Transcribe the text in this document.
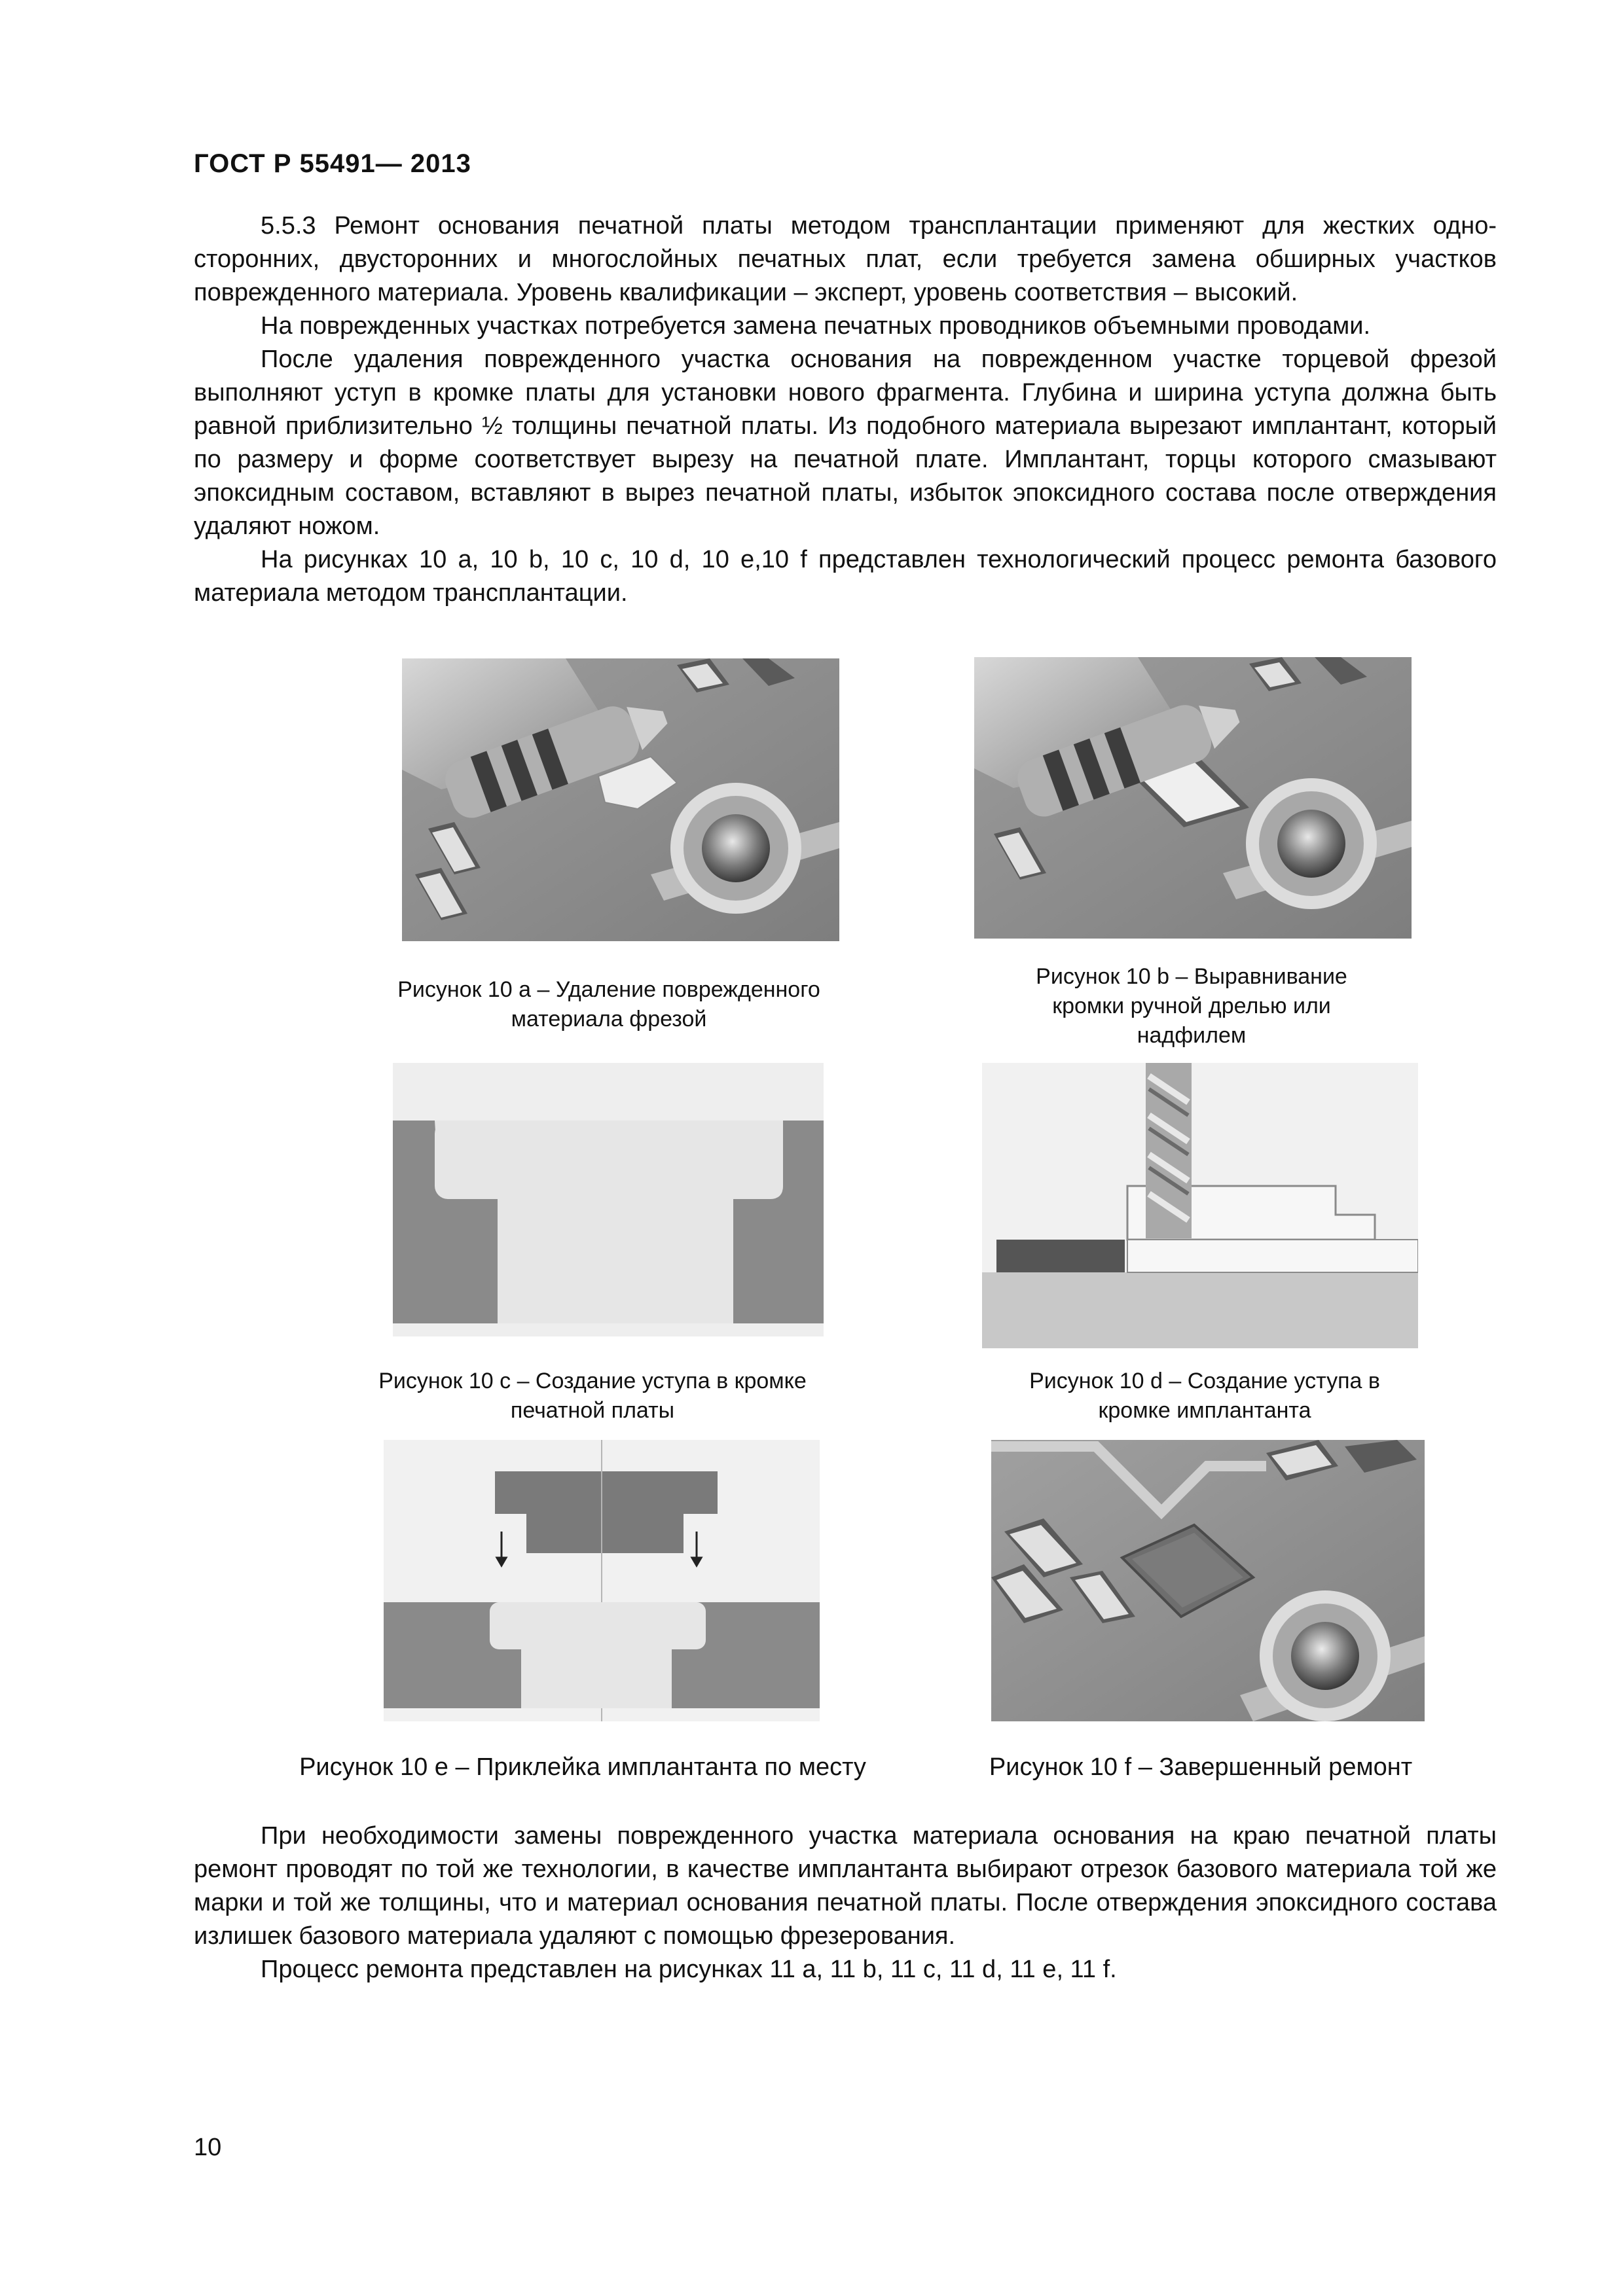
ГОСТ Р 55491— 2013

5.5.3 Ремонт основания печатной платы методом трансплантации применяют для жестких односторонних, двусторонних и многослойных печатных плат, если требуется замена обширных участков поврежденного материала. Уровень квалификации – эксперт, уровень соответствия – высокий.

На поврежденных участках потребуется замена печатных проводников объемными проводами.

После удаления поврежденного участка основания на поврежденном участке торцевой фрезой выполняют уступ в кромке платы для установки нового фрагмента. Глубина и ширина уступа должна быть равной приблизительно ½ толщины печатной платы. Из подобного материала вырезают имплантант, который по размеру и форме соответствует вырезу на печатной плате. Имплантант, торцы которого смазывают эпоксидным составом, вставляют в вырез печатной платы, избыток эпоксидного состава после отверждения удаляют ножом.

На рисунках 10 a, 10 b, 10 c, 10 d, 10 e,10 f представлен технологический процесс ремонта базового материала методом трансплантации.

Рисунок 10 а – Удаление поврежденного материала фрезой
Рисунок 10 b – Выравнивание кромки ручной дрелью или надфилем
Рисунок 10 c – Создание уступа в кромке печатной платы
Рисунок 10 d – Создание уступа в кромке имплантанта
Рисунок 10 e – Приклейка имплантанта по месту	Рисунок 10 f – Завершенный ремонт

При необходимости замены поврежденного участка материала основания на краю печатной платы ремонт проводят по той же технологии, в качестве имплантанта выбирают отрезок базового материала той же марки и той же толщины, что и материал основания печатной платы. После отверждения эпоксидного состава излишек базового материала удаляют с помощью фрезерования.

Процесс ремонта представлен на рисунках 11 a, 11 b, 11 c, 11 d, 11 e, 11 f.

10
